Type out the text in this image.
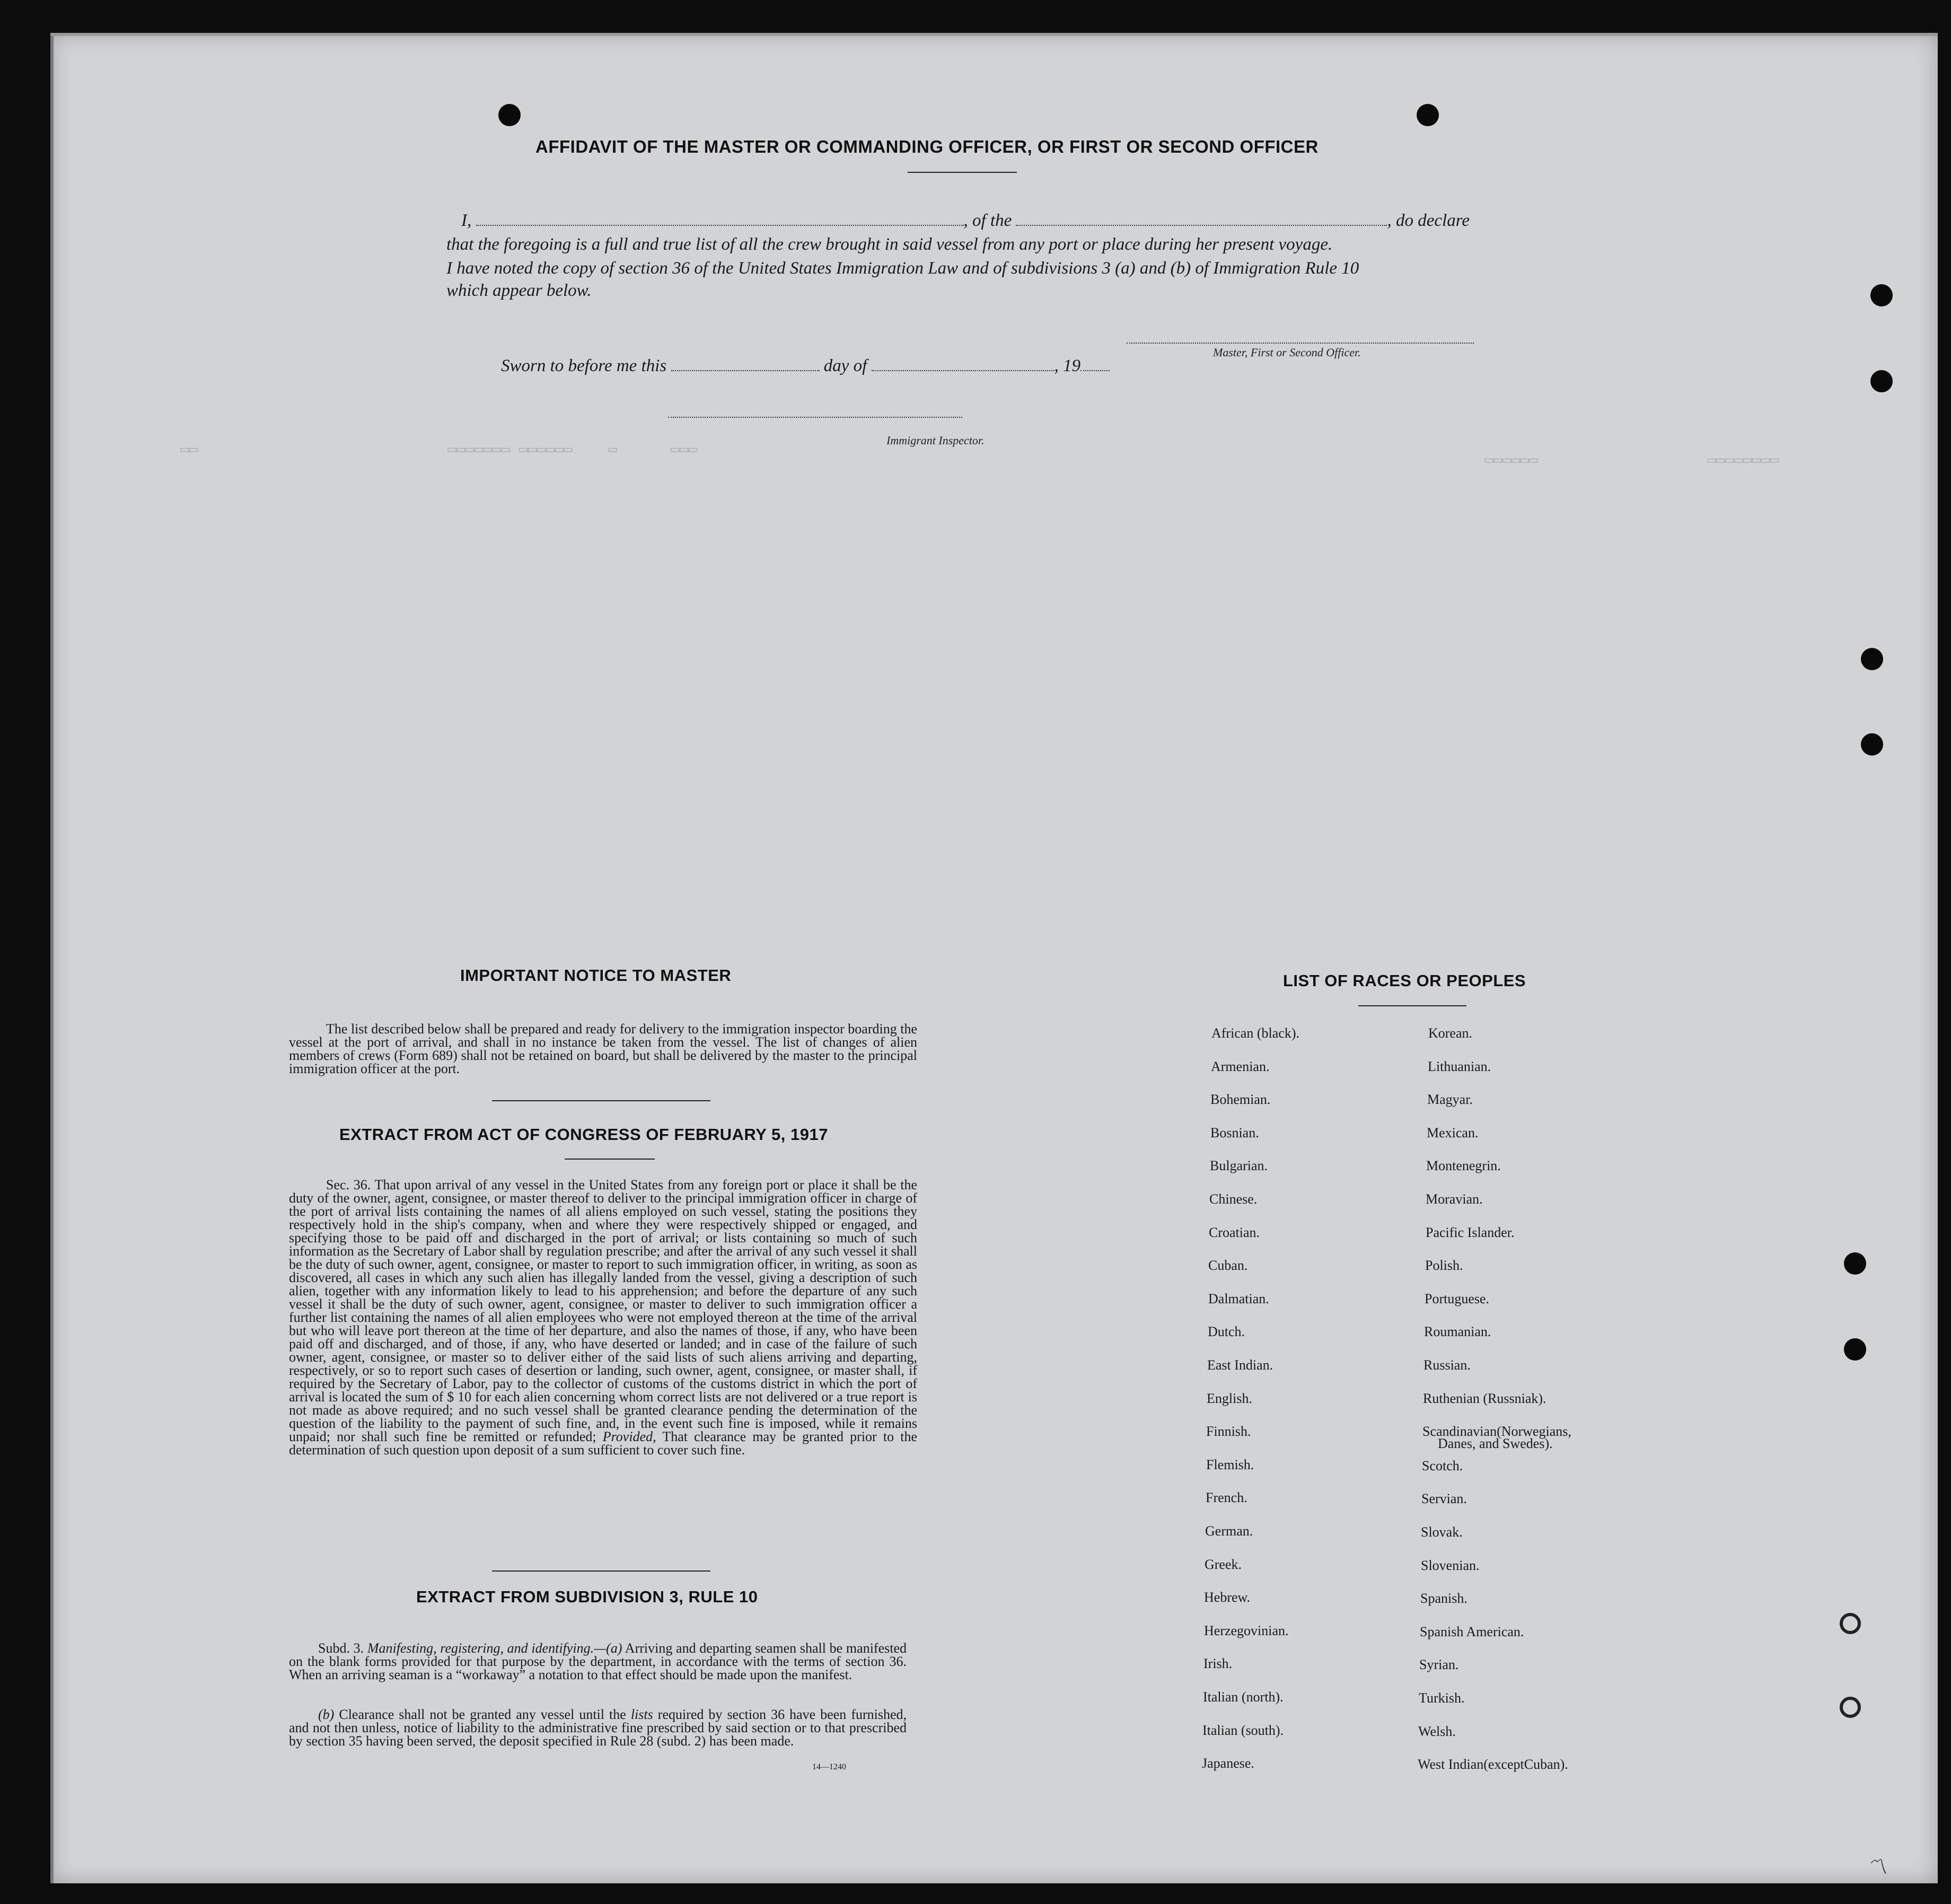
▭▭                            ▭▭▭▭▭▭▭ ▭▭▭▭▭▭    ▭      ▭▭▭
▭▭▭▭▭▭                   ▭▭▭▭▭▭▭▭
AFFIDAVIT OF THE MASTER OR COMMANDING OFFICER, OR FIRST OR SECOND OFFICER
I,	, of the	, do declare
that the foregoing is a full and true list of all the crew brought in said vessel from any port or place during her present voyage.
I have noted the copy of section 36 of the United States Immigration Law and of subdivisions 3 (a) and (b) of Immigration Rule 10
which appear below.
Master, First or Second Officer.
Sworn to before me this	day of	, 19
Immigrant Inspector.
IMPORTANT NOTICE TO MASTER
The list described below shall be prepared and ready for delivery to the immigration inspector boarding the vessel at the port of arrival, and shall in no instance be taken from the vessel. The list of changes of alien members of crews (Form 689) shall not be retained on board, but shall be delivered by the master to the principal immigration officer at the port.
EXTRACT FROM ACT OF CONGRESS OF FEBRUARY 5, 1917
Sec. 36. That upon arrival of any vessel in the United States from any foreign port or place it shall be the duty of the owner, agent, consignee, or master thereof to deliver to the principal immigration officer in charge of the port of arrival lists containing the names of all aliens employed on such vessel, stating the positions they respectively hold in the ship's company, when and where they were respectively shipped or engaged, and specifying those to be paid off and discharged in the port of arrival; or lists containing so much of such information as the Secretary of Labor shall by regulation prescribe; and after the arrival of any such vessel it shall be the duty of such owner, agent, consignee, or master to report to such immigration officer, in writing, as soon as discovered, all cases in which any such alien has illegally landed from the vessel, giving a description of such alien, together with any information likely to lead to his apprehension; and before the departure of any such vessel it shall be the duty of such owner, agent, consignee, or master to deliver to such immigration officer a further list containing the names of all alien employees who were not employed thereon at the time of the arrival but who will leave port thereon at the time of her departure, and also the names of those, if any, who have been paid off and discharged, and of those, if any, who have deserted or landed; and in case of the failure of such owner, agent, consignee, or master so to deliver either of the said lists of such aliens arriving and departing, respectively, or so to report such cases of desertion or landing, such owner, agent, consignee, or master shall, if required by the Secretary of Labor, pay to the collector of customs of the customs district in which the port of arrival is located the sum of $ 10 for each alien concerning whom correct lists are not delivered or a true report is not made as above required; and no such vessel shall be granted clearance pending the determination of the question of the liability to the payment of such fine, and, in the event such fine is imposed, while it remains unpaid; nor shall such fine be remitted or refunded; Provided, That clearance may be granted prior to the determination of such question upon deposit of a sum sufficient to cover such fine.
EXTRACT FROM SUBDIVISION 3, RULE 10
Subd. 3. Manifesting, registering, and identifying.—(a) Arriving and departing seamen shall be manifested on the blank forms provided for that purpose by the department, in accordance with the terms of section 36. When an arriving seaman is a “workaway” a notation to that effect should be made upon the manifest.
(b) Clearance shall not be granted any vessel until the lists required by section 36 have been furnished, and not then unless, notice of liability to the administrative fine prescribed by said section or to that prescribed by section 35 having been served, the deposit specified in Rule 28 (subd. 2) has been made.
14—1240
LIST OF RACES OR PEOPLES
African (black).
Armenian.
Bohemian.
Bosnian.
Bulgarian.
Chinese.
Croatian.
Cuban.
Dalmatian.
Dutch.
East Indian.
English.
Finnish.
Flemish.
French.
German.
Greek.
Hebrew.
Herzegovinian.
Irish.
Italian (north).
Italian (south).
Japanese.
Korean.
Lithuanian.
Magyar.
Mexican.
Montenegrin.
Moravian.
Pacific Islander.
Polish.
Portuguese.
Roumanian.
Russian.
Ruthenian (Russniak).
Scandinavian(Norwegians,
Scotch.
Servian.
Slovak.
Slovenian.
Spanish.
Spanish American.
Syrian.
Turkish.
Welsh.
West Indian(exceptCuban).
Danes, and Swedes).
〽
